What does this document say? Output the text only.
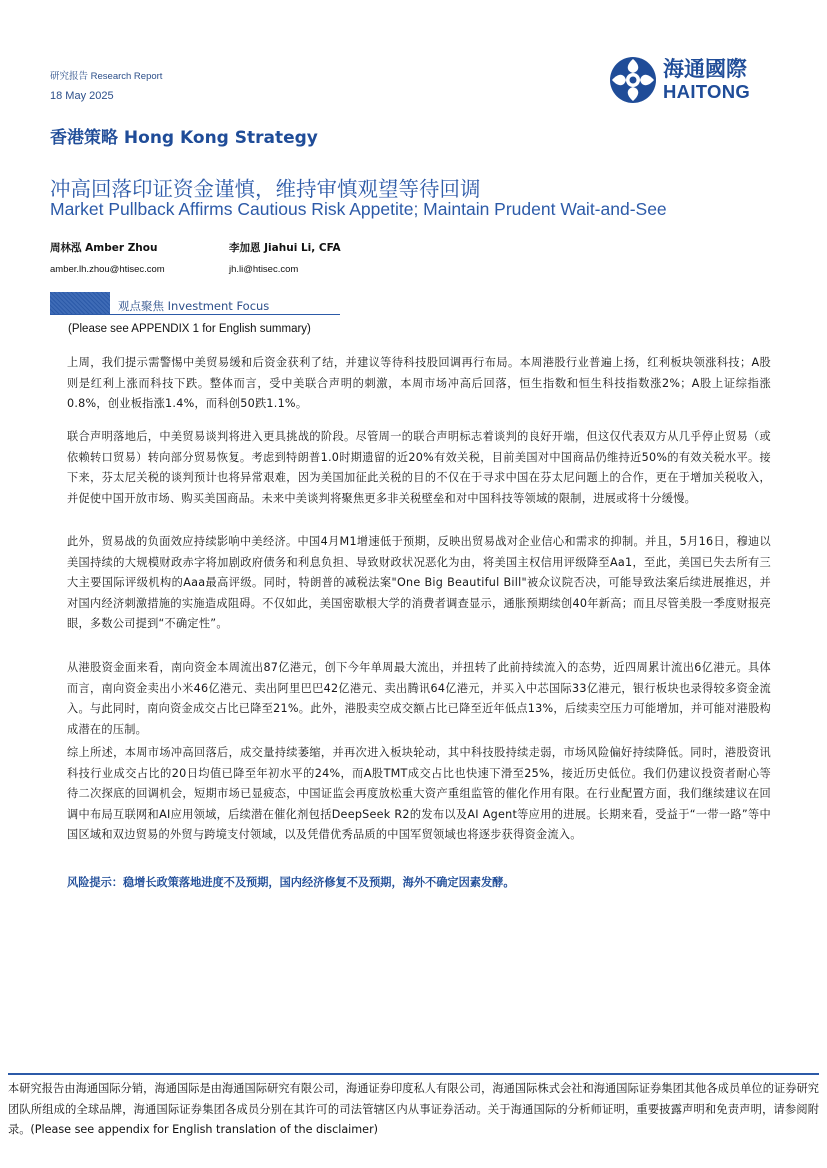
研究报告 Research Report
18 May 2025
海通國際
HAITONG
香港策略 Hong Kong Strategy
冲高回落印证资金谨慎，维持审慎观望等待回调
Market Pullback Affirms Cautious Risk Appetite; Maintain Prudent Wait-and-See
周林泓 Amber Zhou	李加恩 Jiahui Li, CFA
amber.lh.zhou@htisec.com	jh.li@htisec.com
观点聚焦 Investment Focus
(Please see APPENDIX 1 for English summary)

上周，我们提示需警惕中美贸易缓和后资金获利了结，并建议等待科技股回调再行布局。本周港股行业普遍上扬，红利板块领涨科技；A股则是红利上涨而科技下跌。整体而言，受中美联合声明的刺激，本周市场冲高后回落，恒生指数和恒生科技指数涨2%；A股上证综指涨0.8%，创业板指涨1.4%，而科创50跌1.1%。

联合声明落地后，中美贸易谈判将进入更具挑战的阶段。尽管周一的联合声明标志着谈判的良好开端，但这仅代表双方从几乎停止贸易（或依赖转口贸易）转向部分贸易恢复。考虑到特朗普1.0时期遗留的近20%有效关税，目前美国对中国商品仍维持近50%的有效关税水平。接下来，芬太尼关税的谈判预计也将异常艰难，因为美国加征此关税的目的不仅在于寻求中国在芬太尼问题上的合作，更在于增加关税收入，并促使中国开放市场、购买美国商品。未来中美谈判将聚焦更多非关税壁垒和对中国科技等领域的限制，进展或将十分缓慢。

此外，贸易战的负面效应持续影响中美经济。中国4月M1增速低于预期，反映出贸易战对企业信心和需求的抑制。并且，5月16日，穆迪以美国持续的大规模财政赤字将加剧政府债务和利息负担、导致财政状况恶化为由，将美国主权信用评级降至Aa1，至此，美国已失去所有三大主要国际评级机构的Aaa最高评级。同时，特朗普的减税法案"One Big Beautiful Bill"被众议院否决，可能导致法案后续进展推迟，并对国内经济刺激措施的实施造成阻碍。不仅如此，美国密歇根大学的消费者调查显示，通胀预期续创40年新高；而且尽管美股一季度财报亮眼，多数公司提到“不确定性”。

从港股资金面来看，南向资金本周流出87亿港元，创下今年单周最大流出，并扭转了此前持续流入的态势，近四周累计流出6亿港元。具体而言，南向资金卖出小米46亿港元、卖出阿里巴巴42亿港元、卖出腾讯64亿港元，并买入中芯国际33亿港元，银行板块也录得较多资金流入。与此同时，南向资金成交占比已降至21%。此外，港股卖空成交额占比已降至近年低点13%，后续卖空压力可能增加，并可能对港股构成潜在的压制。

综上所述，本周市场冲高回落后，成交量持续萎缩，并再次进入板块轮动，其中科技股持续走弱，市场风险偏好持续降低。同时，港股资讯科技行业成交占比的20日均值已降至年初水平的24%，而A股TMT成交占比也快速下滑至25%，接近历史低位。我们仍建议投资者耐心等待二次探底的回调机会，短期市场已显疲态，中国证监会再度放松重大资产重组监管的催化作用有限。在行业配置方面，我们继续建议在回调中布局互联网和AI应用领域，后续潜在催化剂包括DeepSeek R2的发布以及AI Agent等应用的进展。长期来看，受益于“一带一路”等中国区域和双边贸易的外贸与跨境支付领域，以及凭借优秀品质的中国军贸领域也将逐步获得资金流入。

风险提示：稳增长政策落地进度不及预期，国内经济修复不及预期，海外不确定因素发酵。
本研究报告由海通国际分销，海通国际是由海通国际研究有限公司，海通证券印度私人有限公司，海通国际株式会社和海通国际证券集团其他各成员单位的证券研究团队所组成的全球品牌，海通国际证券集团各成员分别在其许可的司法管辖区内从事证券活动。关于海通国际的分析师证明，重要披露声明和免责声明，请参阅附录。(Please see appendix for English translation of the disclaimer)
